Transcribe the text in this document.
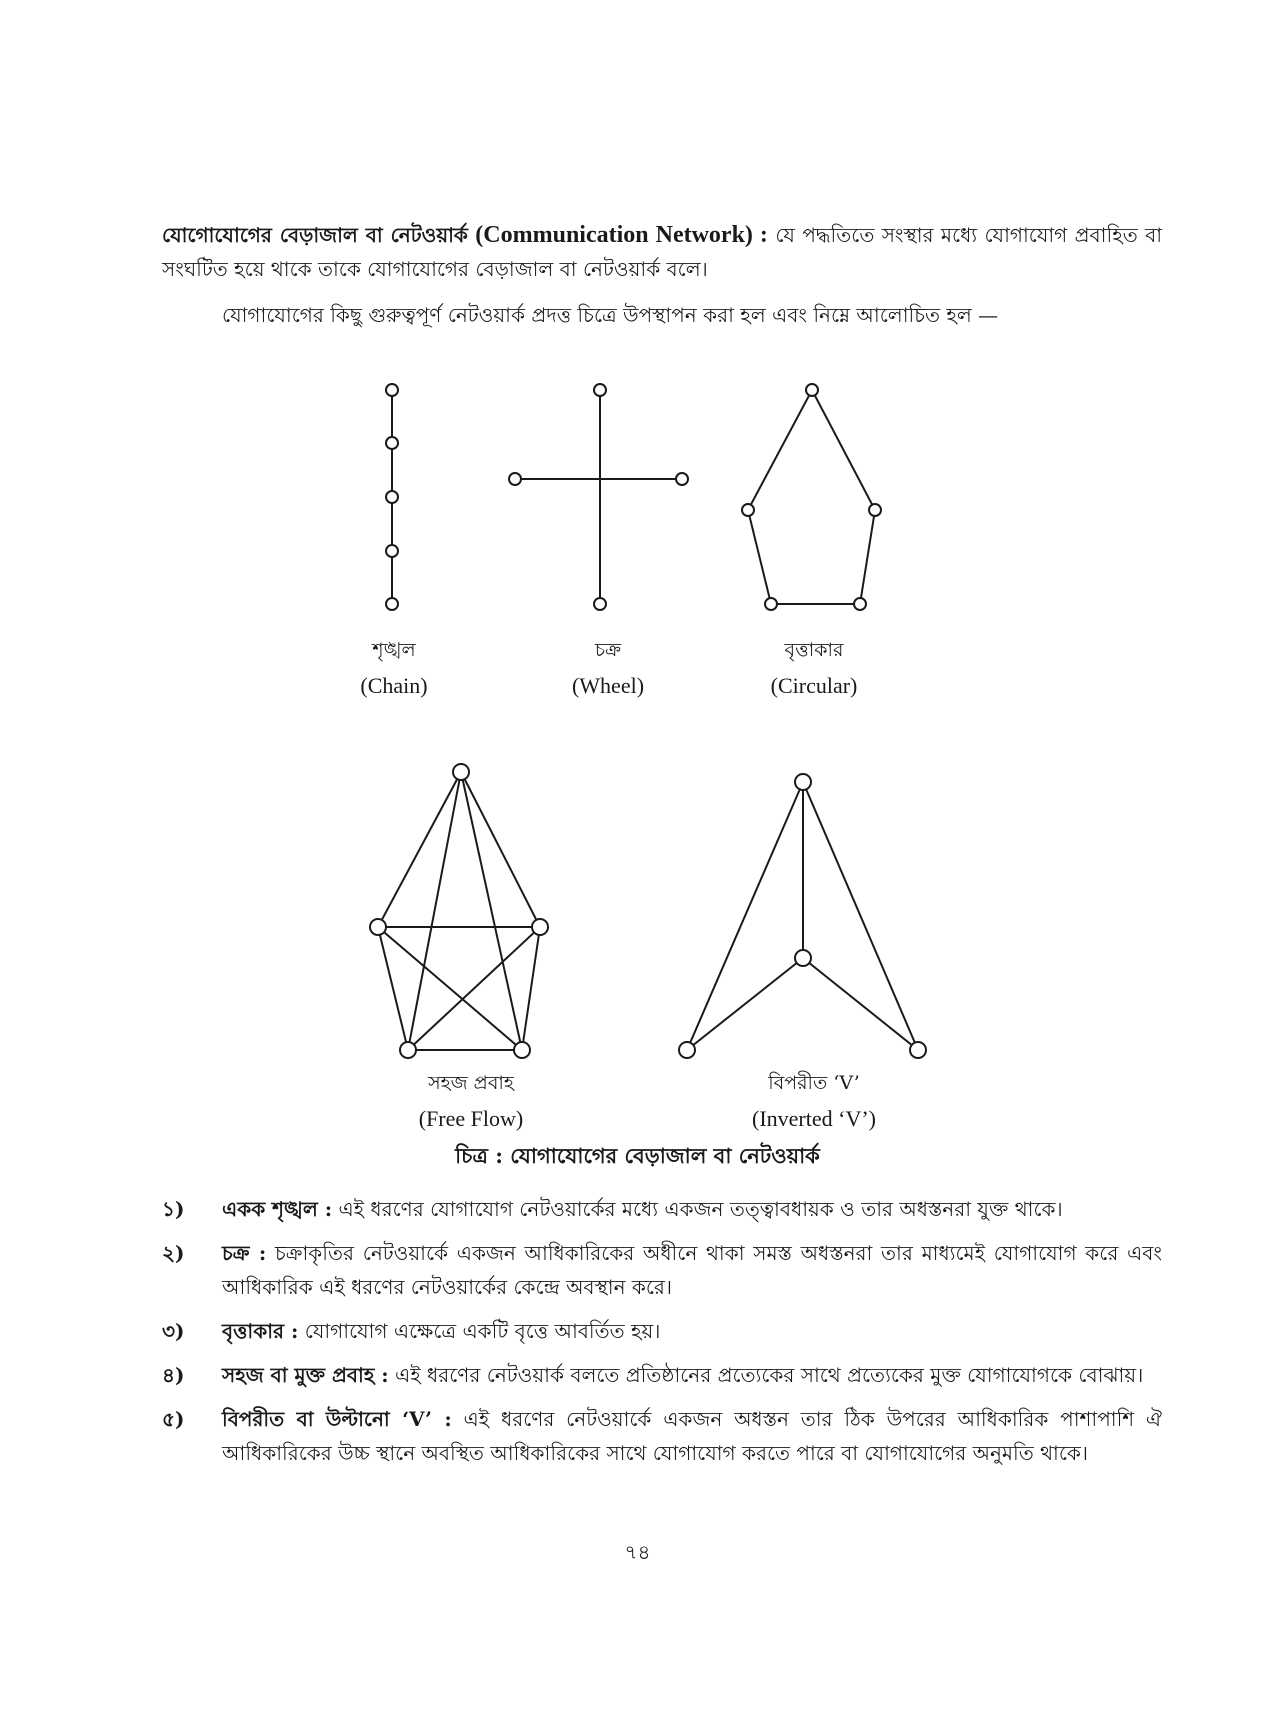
যোগোযোগের বেড়াজাল বা নেটওয়ার্ক (Communication Network) : যে পদ্ধতিতে সংস্থার মধ্যে যোগাযোগ প্রবাহিত বা সংঘটিত হয়ে থাকে তাকে যোগাযোগের বেড়াজাল বা নেটওয়ার্ক বলে।

যোগাযোগের কিছু গুরুত্বপূর্ণ নেটওয়ার্ক প্রদত্ত চিত্রে উপস্থাপন করা হল এবং নিম্নে আলোচিত হল —

শৃঙ্খল
(Chain)
চক্র
(Wheel)
বৃত্তাকার
(Circular)
সহজ প্রবাহ
(Free Flow)
বিপরীত ‘V’
(Inverted ‘V’)
চিত্র : যোগাযোগের বেড়াজাল বা নেটওয়ার্ক
১) একক শৃঙ্খল : এই ধরণের যোগাযোগ নেটওয়ার্কের মধ্যে একজন তত্ত্বাবধায়ক ও তার অধস্তনরা যুক্ত থাকে।
২) চক্র : চক্রাকৃতির নেটওয়ার্কে একজন আধিকারিকের অধীনে থাকা সমস্ত অধস্তনরা তার মাধ্যমেই যোগাযোগ করে এবং আধিকারিক এই ধরণের নেটওয়ার্কের কেন্দ্রে অবস্থান করে।
৩) বৃত্তাকার : যোগাযোগ এক্ষেত্রে একটি বৃত্তে আবর্তিত হয়।
৪) সহজ বা মুক্ত প্রবাহ : এই ধরণের নেটওয়ার্ক বলতে প্রতিষ্ঠানের প্রত্যেকের সাথে প্রত্যেকের মুক্ত যোগাযোগকে বোঝায়।
৫) বিপরীত বা উল্টানো ‘V’ : এই ধরণের নেটওয়ার্কে একজন অধস্তন তার ঠিক উপরের আধিকারিক পাশাপাশি ঐ আধিকারিকের উচ্চ স্থানে অবস্থিত আধিকারিকের সাথে যোগাযোগ করতে পারে বা যোগাযোগের অনুমতি থাকে।
৭৪
